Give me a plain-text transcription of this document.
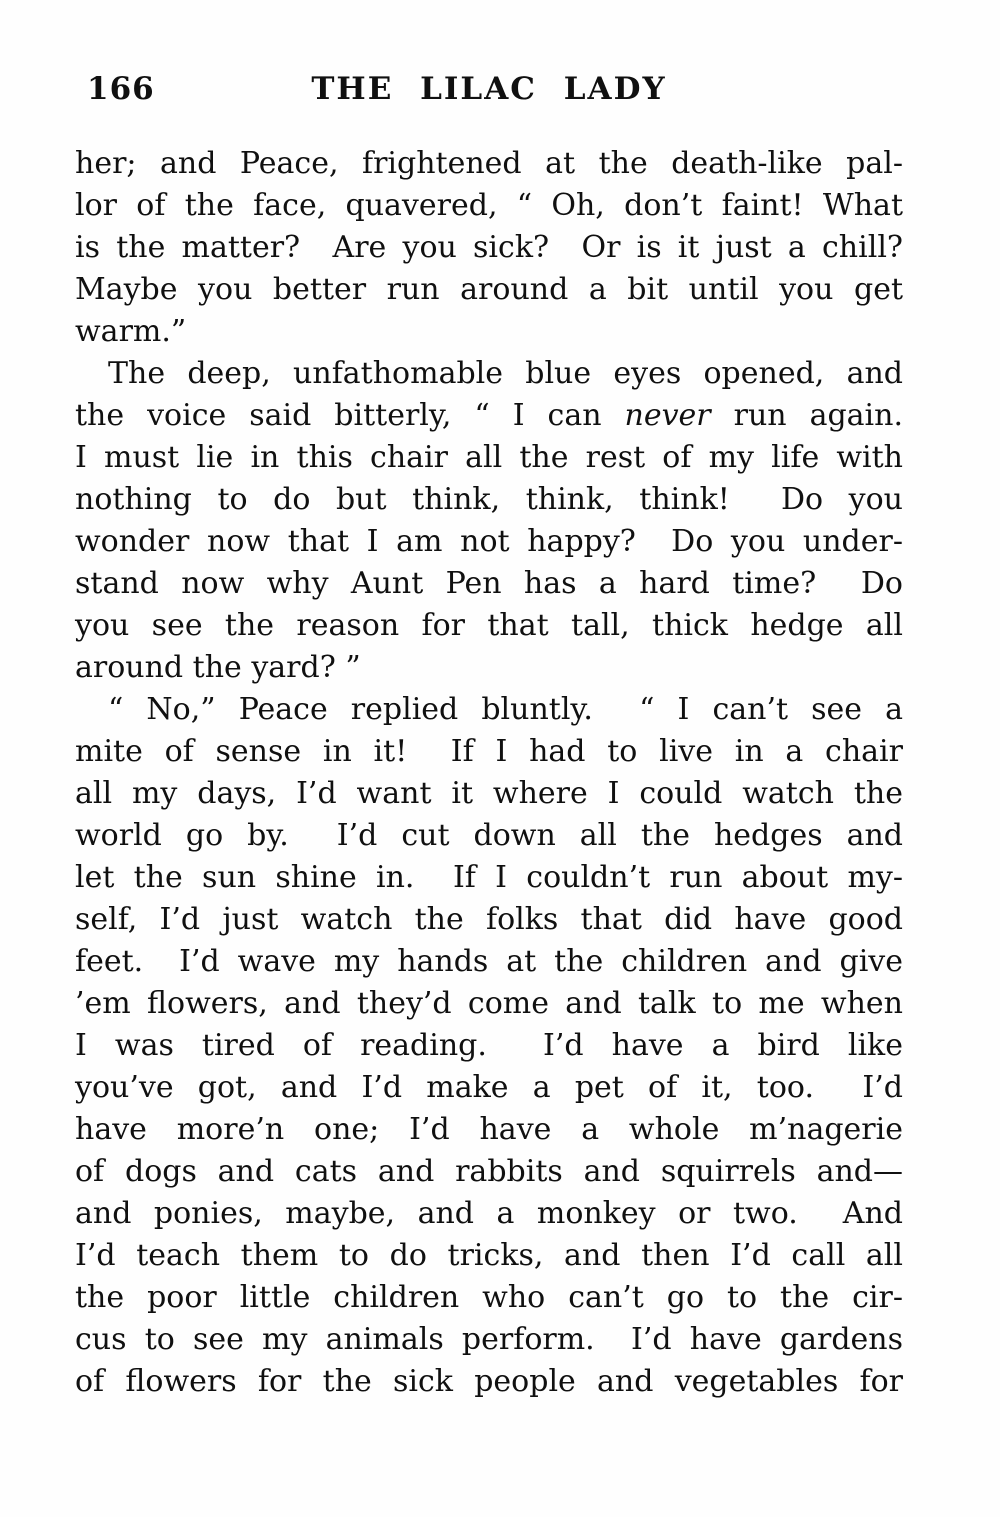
166	THE LILAC LADY
her; and Peace, frightened at the death-like pal-
lor of the face, quavered, “ Oh, don’t faint! What
is the matter?  Are you sick?  Or is it just a chill?
Maybe you better run around a bit until you get
warm.”
The deep, unfathomable blue eyes opened, and
the voice said bitterly, “ I can never run again.
I must lie in this chair all the rest of my life with
nothing to do but think, think, think!  Do you
wonder now that I am not happy?  Do you under-
stand now why Aunt Pen has a hard time?  Do
you see the reason for that tall, thick hedge all
around the yard? ”
“ No,” Peace replied bluntly.  “ I can’t see a
mite of sense in it!  If I had to live in a chair
all my days, I’d want it where I could watch the
world go by.  I’d cut down all the hedges and
let the sun shine in.  If I couldn’t run about my-
self, I’d just watch the folks that did have good
feet.  I’d wave my hands at the children and give
’em flowers, and they’d come and talk to me when
I was tired of reading.  I’d have a bird like
you’ve got, and I’d make a pet of it, too.  I’d
have more’n one; I’d have a whole m’nagerie
of dogs and cats and rabbits and squirrels and—
and ponies, maybe, and a monkey or two.  And
I’d teach them to do tricks, and then I’d call all
the poor little children who can’t go to the cir-
cus to see my animals perform.  I’d have gardens
of flowers for the sick people and vegetables for
